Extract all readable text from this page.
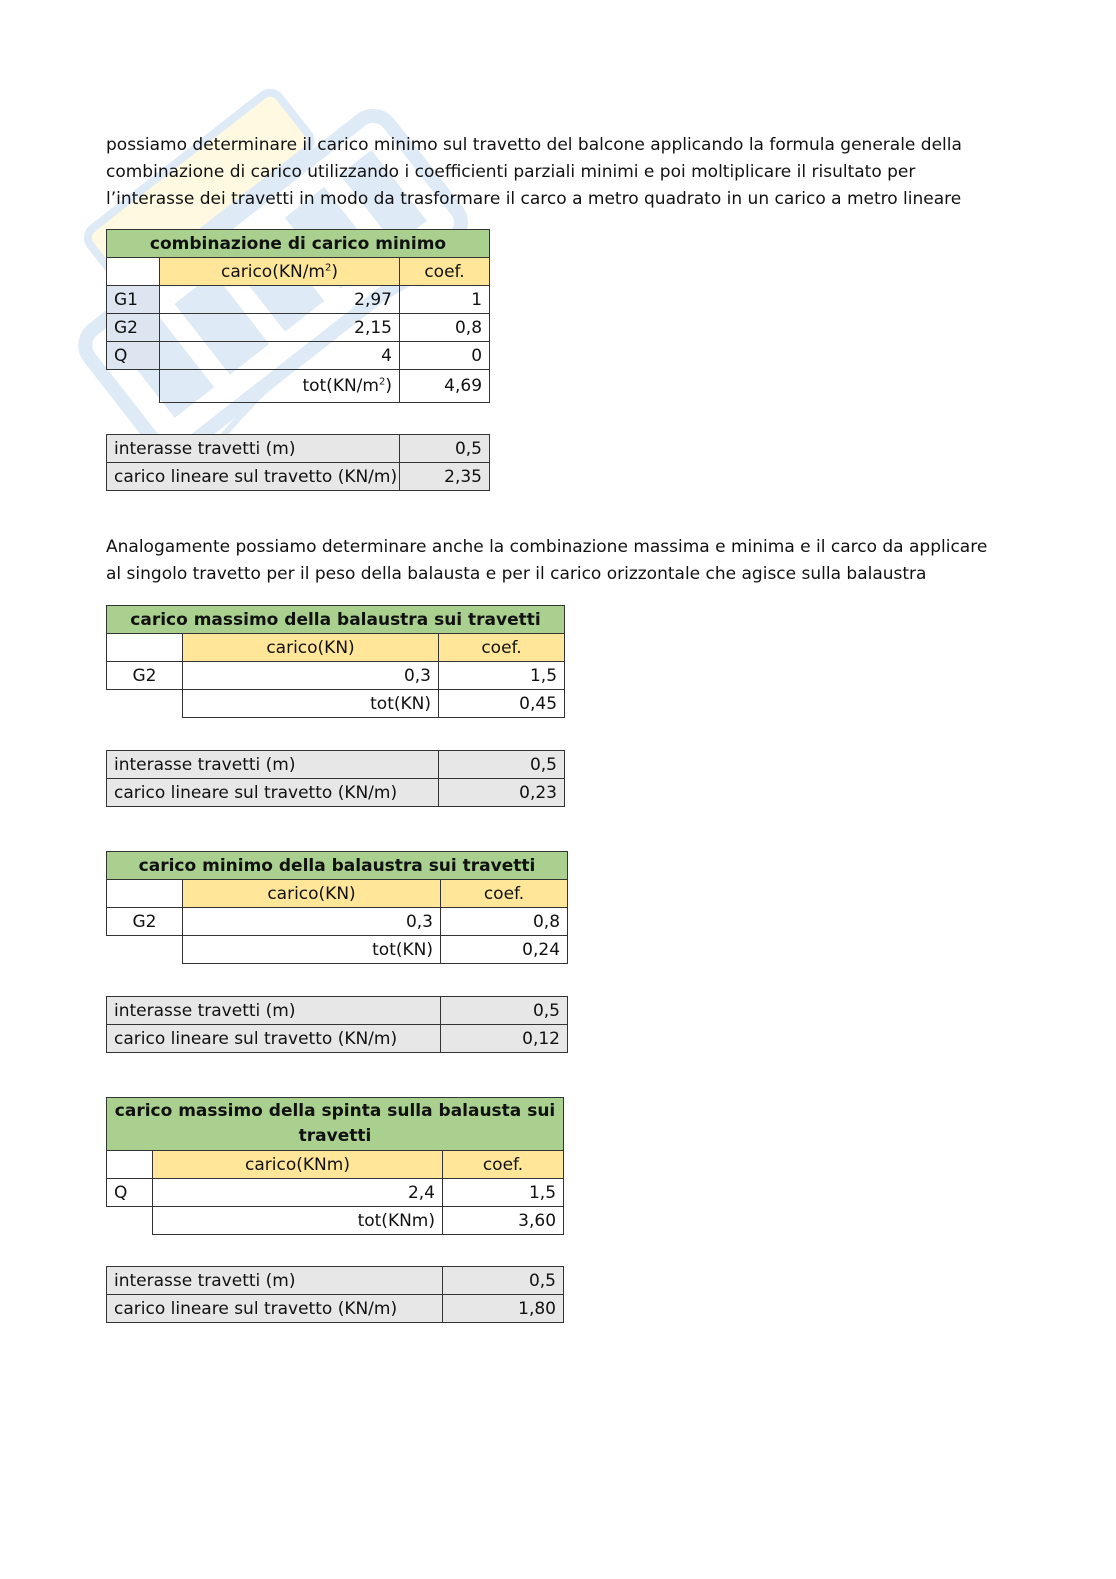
possiamo determinare il carico minimo sul travetto del balcone applicando la formula generale della combinazione di carico utilizzando i coefficienti parziali minimi e poi moltiplicare il risultato per l’interasse dei travetti in modo da trasformare il carco a metro quadrato in un carico a metro lineare
combinazione di carico minimo		
	$carico(KN/m^2)$	coef.
G1	2,97	1
G2	2,15	0,8
Q	4	0
	$tot(KN/m^2)$	4,69
interasse travetti (m)	0,5
carico lineare sul travetto (KN/m)	2,35
Analogamente possiamo determinare anche la combinazione massima e minima e il carco da applicare al singolo travetto per il peso della balausta e per il carico orizzontale che agisce sulla balaustra
carico massimo della balaustra sui travetti		
	carico(KN)	coef.
G2	0,3	1,5
	tot(KN)	0,45
interasse travetti (m)	0,5
carico lineare sul travetto (KN/m)	0,23
carico minimo della balaustra sui travetti		
	carico(KN)	coef.
G2	0,3	0,8
	tot(KN)	0,24
interasse travetti (m)	0,5
carico lineare sul travetto (KN/m)	0,12
carico massimo della spinta sulla balausta sui
travetti		
	carico(KNm)	coef.
Q	2,4	1,5
	tot(KNm)	3,60
interasse travetti (m)	0,5
carico lineare sul travetto (KN/m)	1,80
